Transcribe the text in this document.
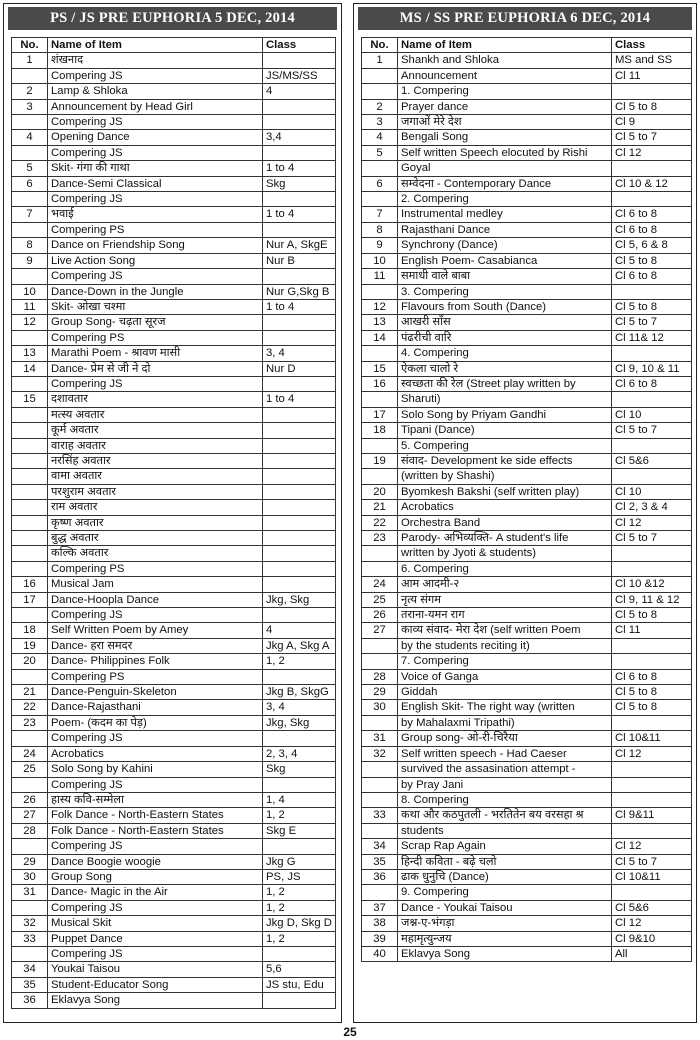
PS / JS PRE EUPHORIA 5 DEC, 2014
No.	Name of Item	Class
1	शंखनाद	
	Compering JS	JS/MS/SS
2	Lamp & Shloka	4
3	Announcement by Head Girl	
	Compering JS	
4	Opening Dance	3,4
	Compering JS	
5	Skit- गंगा की गाथा	1 to 4
6	Dance-Semi Classical	Skg
	Compering JS	
7	भवाई	1 to 4
	Compering PS	
8	Dance on Friendship Song	Nur A, SkgE
9	Live Action Song	Nur B
	Compering JS	
10	Dance-Down in the Jungle	Nur G,Skg B
11	Skit- ओखा चश्मा	1 to 4
12	Group Song- चढ़ता सूरज	
	Compering PS	
13	Marathi Poem - श्रावण मासी	3, 4
14	Dance- प्रेम से जी ने दो	Nur D
	Compering JS	
15	दशावतार	1 to 4
	मत्स्य अवतार	
	कूर्म अवतार	
	वाराह अवतार	
	नरसिंह अवतार	
	वामा अवतार	
	परशुराम अवतार	
	राम अवतार	
	कृष्ण अवतार	
	बुद्ध अवतार	
	कल्कि अवतार	
	Compering PS	
16	Musical Jam	
17	Dance-Hoopla Dance	Jkg, Skg
	Compering JS	
18	Self Written Poem by Amey	4
19	Dance- हरा समदर	Jkg A, Skg A
20	Dance- Philippines Folk	1, 2
	Compering PS	
21	Dance-Penguin-Skeleton	Jkg B, SkgG
22	Dance-Rajasthani	3, 4
23	Poem- (कदम का पेड़)	Jkg, Skg
	Compering JS	
24	Acrobatics	2, 3, 4
25	Solo Song by Kahini	Skg
	Compering JS	
26	हास्य कवि-सम्मेला	1, 4
27	Folk Dance - North-Eastern States	1, 2
28	Folk Dance - North-Eastern States	Skg E
	Compering JS	
29	Dance Boogie woogie	Jkg G
30	Group Song	PS, JS
31	Dance- Magic in the Air	1, 2
	Compering JS	1, 2
32	Musical Skit	Jkg D, Skg D
33	Puppet Dance	1, 2
	Compering JS	
34	Youkai Taisou	5,6
35	Student-Educator Song	JS stu, Edu
36	Eklavya Song	
MS / SS PRE EUPHORIA 6 DEC, 2014
No.	Name of Item	Class
1	Shankh and Shloka	MS and SS
	Announcement	Cl 11
	1. Compering	
2	Prayer dance	Cl 5 to 8
3	जगाओं मेरे देश	Cl 9
4	Bengali Song	Cl 5 to 7
5	Self written Speech elocuted by Rishi	Cl 12
	Goyal	
6	सम्वेदना - Contemporary Dance	Cl 10 & 12
	2. Compering	
7	Instrumental medley	Cl 6 to 8
8	Rajasthani Dance	Cl 6 to 8
9	Synchrony (Dance)	Cl 5, 6 & 8
10	English Poem- Casabianca	Cl 5 to 8
11	समाधी वाले बाबा	Cl 6 to 8
	3. Compering	
12	Flavours from South (Dance)	Cl 5 to 8
13	आखरी साँस	Cl 5 to 7
14	पंढरीची वारि	Cl 11& 12
	4. Compering	
15	ऐकला चालो रे	Cl 9, 10 & 11
16	स्वच्छता की रेल (Street play written by	Cl 6 to 8
	Sharuti)	
17	Solo Song by Priyam Gandhi	Cl 10
18	Tipani (Dance)	Cl 5 to 7
	5. Compering	
19	संवाद- Development ke side effects	Cl 5&6
	(written by Shashi)	
20	Byomkesh Bakshi (self written play)	Cl 10
21	Acrobatics	Cl 2, 3 & 4
22	Orchestra Band	Cl 12
23	Parody- अभिव्यक्ति- A student's life	Cl 5 to 7
	written by Jyoti & students)	
	6. Compering	
24	आम आदमी-२	Cl 10 &12
25	नृत्य संगम	Cl 9, 11 & 12
26	तराना-यमन राग	Cl 5 to 8
27	काव्य संवाद- मेरा देश (self written Poem	Cl 11
	by the students reciting it)	
	7. Compering	
28	Voice of Ganga	Cl 6 to 8
29	Giddah	Cl 5 to 8
30	English Skit- The right way (written	Cl 5 to 8
	by Mahalaxmi Tripathi)	
31	Group song- ओ-री-चिरैया	Cl 10&11
32	Self written speech - Had Caeser	Cl 12
	survived the assasination attempt -	
	by Pray Jani	
	8. Compering	
33	कथा और कठपुतली - भरतितेन बय वरसहा श्र	Cl 9&11
	students	
34	Scrap Rap Again	Cl 12
35	हिन्दी कविता - बढ़े चलो	Cl 5 to 7
36	ढाक धुनुचि (Dance)	Cl 10&11
	9. Compering	
37	Dance - Youkai Taisou	Cl 5&6
38	जश्न-ए-भंगड़ा	Cl 12
39	महामृत्युन्जय	Cl 9&10
40	Eklavya Song	All
25
